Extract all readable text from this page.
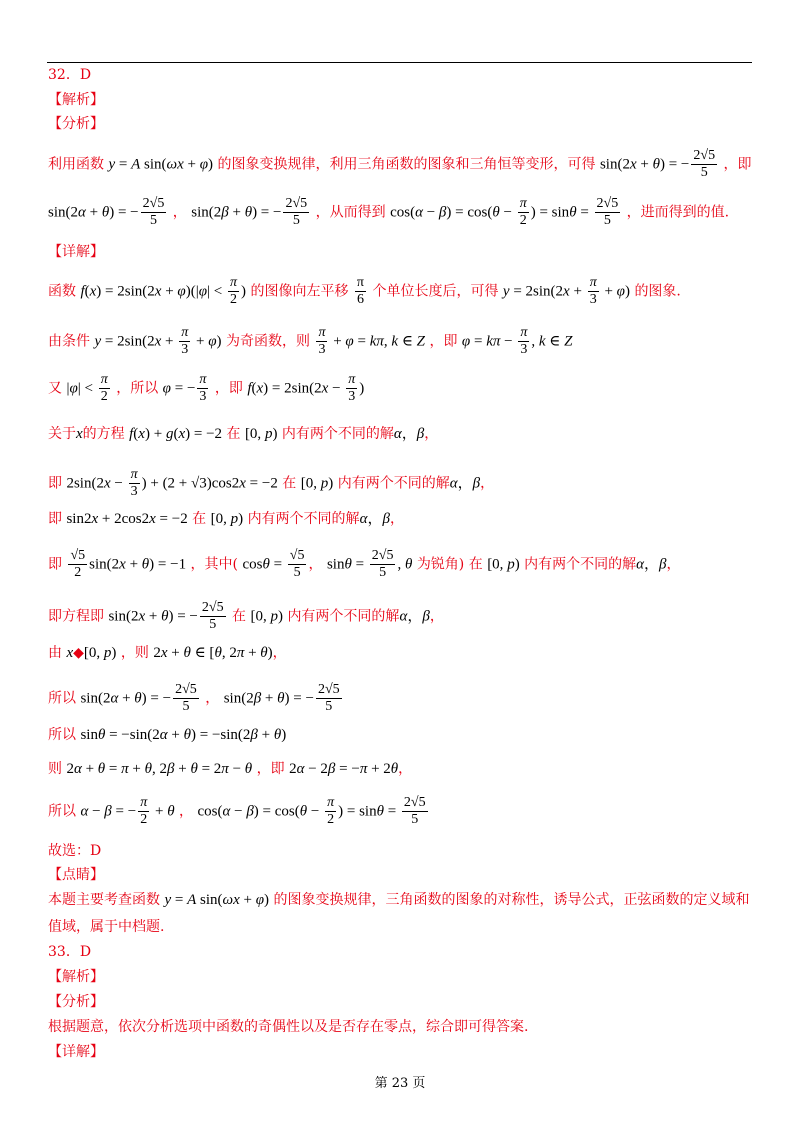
32．D
【解析】
【分析】
利用函数 y = A sin(ωx + φ) 的图象变换规律，利用三角函数的图象和三角恒等变形，可得 sin(2x + θ) = − $\frac{2√5}{5}$ ，即
sin(2α + θ) = − $\frac{2√5}{5}$ ， sin(2β + θ) = − $\frac{2√5}{5}$ ，从而得到 $\cos(\alpha - \beta) = \cos(\theta - \frac{\pi}{2}$ ) = $\sin\theta = \frac{2√5}{5}$ ，进而得到的值.
【详解】
函数 $f(x) = 2\sin(2x + \varphi)(|\varphi| < \frac{\pi}{2}$ ) 的图像向左平移 $\frac{\pi}{6}$ 个单位长度后，可得 $y = 2\sin(2x + \frac{\pi}{3} + \varphi)$ 的图象.
由条件 $y = 2\sin(2x + \frac{\pi}{3} + \varphi)$ 为奇函数，则 $\frac{\pi}{3} + \varphi = k\pi$, k ∈ Z ，即 $\varphi = k\pi - \frac{\pi}{3}$ , k ∈ Z
又 $|\varphi| < \frac{\pi}{2}$ ，所以 φ = − $\frac{\pi}{3}$ ，即 $f(x) = 2\sin(2x - \frac{\pi}{3}$ )
关于x的方程 f(x) + g(x) = −2 在 [0, p) 内有两个不同的解α，β，
即 $2\sin(2x - \frac{\pi}{3}$ ) + (2 + √3)cos2x = −2 在 [0, p) 内有两个不同的解α，β，
即 sin2x + 2cos2x = −2 在 [0, p) 内有两个不同的解α，β，
即 $\frac{√5}{2} \sin(2x + \theta) = -1$ ，其中( $\cos\theta = \frac{√5}{5}$ ， $\sin\theta = \frac{2√5}{5}$ , θ 为锐角) 在 [0, p) 内有两个不同的解α，β，
即方程即 sin(2x + θ) = − $\frac{2√5}{5}$ 在 [0, p) 内有两个不同的解α，β，
由 x◆[0, p) ，则 2x + θ ∈ [θ, 2π + θ)，
所以 sin(2α + θ) = − $\frac{2√5}{5}$ ， sin(2β + θ) = − $\frac{2√5}{5}$
所以 sinθ = −sin(2α + θ) = −sin(2β + θ)
则 2α + θ = π + θ, 2β + θ = 2π − θ ，即 2α − 2β = −π + 2θ，
所以 α − β = − $\frac{\pi}{2} + \theta$ ， $\cos(\alpha - \beta) = \cos(\theta - \frac{\pi}{2}$ ) = $\sin\theta = \frac{2√5}{5}$
故选：D
【点睛】
本题主要考查函数 y = A sin(ωx + φ) 的图象变换规律，三角函数的图象的对称性，诱导公式，正弦函数的定义域和
值域，属于中档题.
33．D
【解析】
【分析】
根据题意，依次分析选项中函数的奇偶性以及是否存在零点，综合即可得答案.
【详解】
第 23 页
